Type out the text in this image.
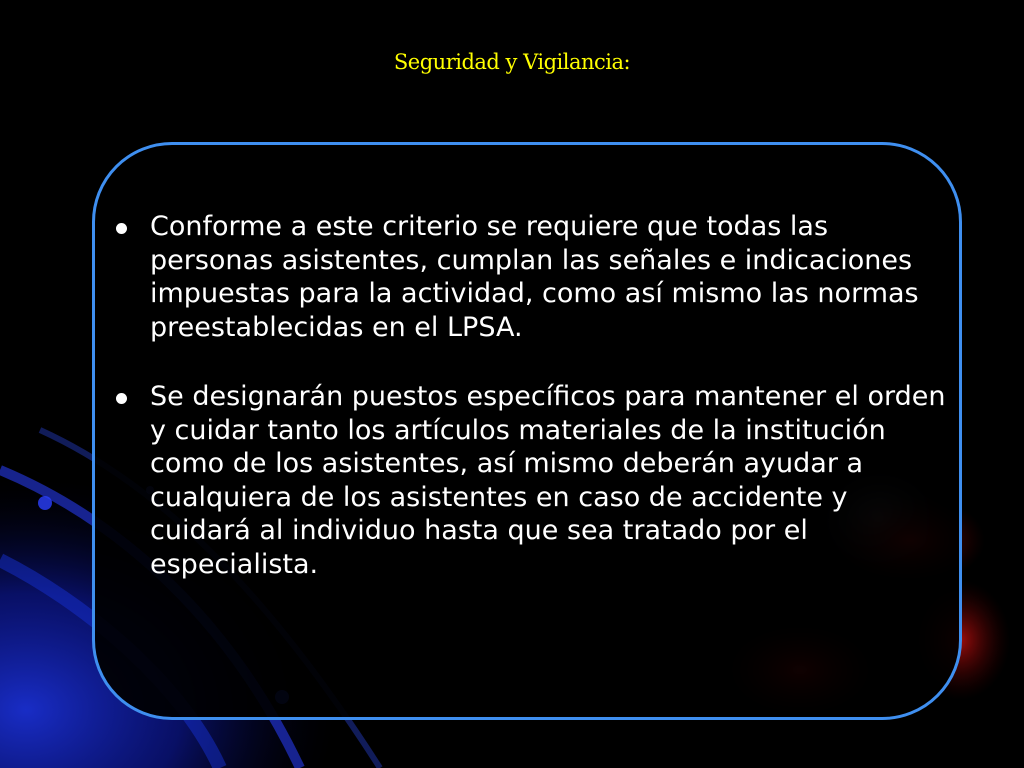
Seguridad y Vigilancia:
Conforme a este criterio se requiere que todas las personas asistentes, cumplan las señales e indicaciones impuestas para la actividad, como así mismo las normas preestablecidas en el LPSA.
Se designarán puestos específicos para mantener el orden y cuidar tanto los artículos materiales de la institución como de los asistentes, así mismo deberán ayudar a cualquiera de los asistentes en caso de accidente y cuidará al individuo hasta que sea tratado por el especialista.
